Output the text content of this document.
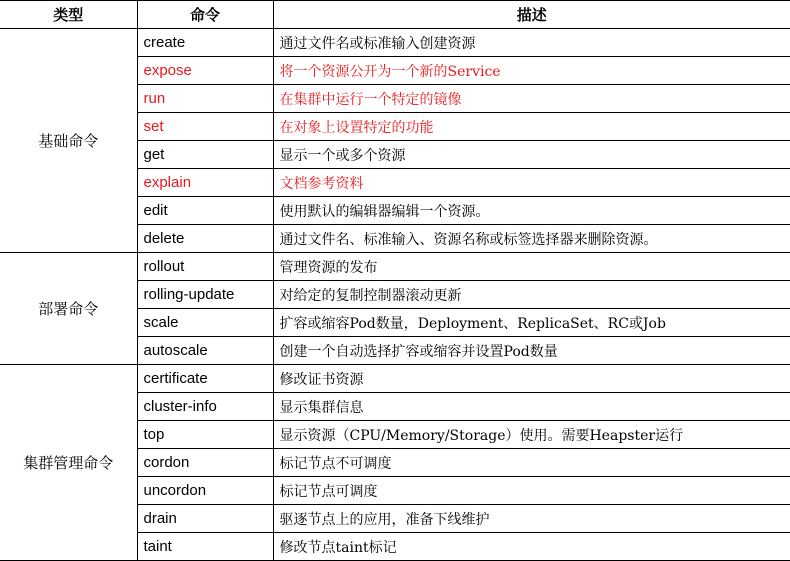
类型	命令	描述
基础命令	create	通过文件名或标准输入创建资源
	expose	将一个资源公开为一个新的Service
	run	在集群中运行一个特定的镜像
	set	在对象上设置特定的功能
	get	显示一个或多个资源
	explain	文档参考资料
	edit	使用默认的编辑器编辑一个资源。
	delete	通过文件名、标准输入、资源名称或标签选择器来删除资源。
部署命令	rollout	管理资源的发布
	rolling-update	对给定的复制控制器滚动更新
	scale	扩容或缩容Pod数量，Deployment、ReplicaSet、RC或Job
	autoscale	创建一个自动选择扩容或缩容并设置Pod数量
集群管理命令	certificate	修改证书资源
	cluster-info	显示集群信息
	top	显示资源（CPU/Memory/Storage）使用。需要Heapster运行
	cordon	标记节点不可调度
	uncordon	标记节点可调度
	drain	驱逐节点上的应用，准备下线维护
	taint	修改节点taint标记
